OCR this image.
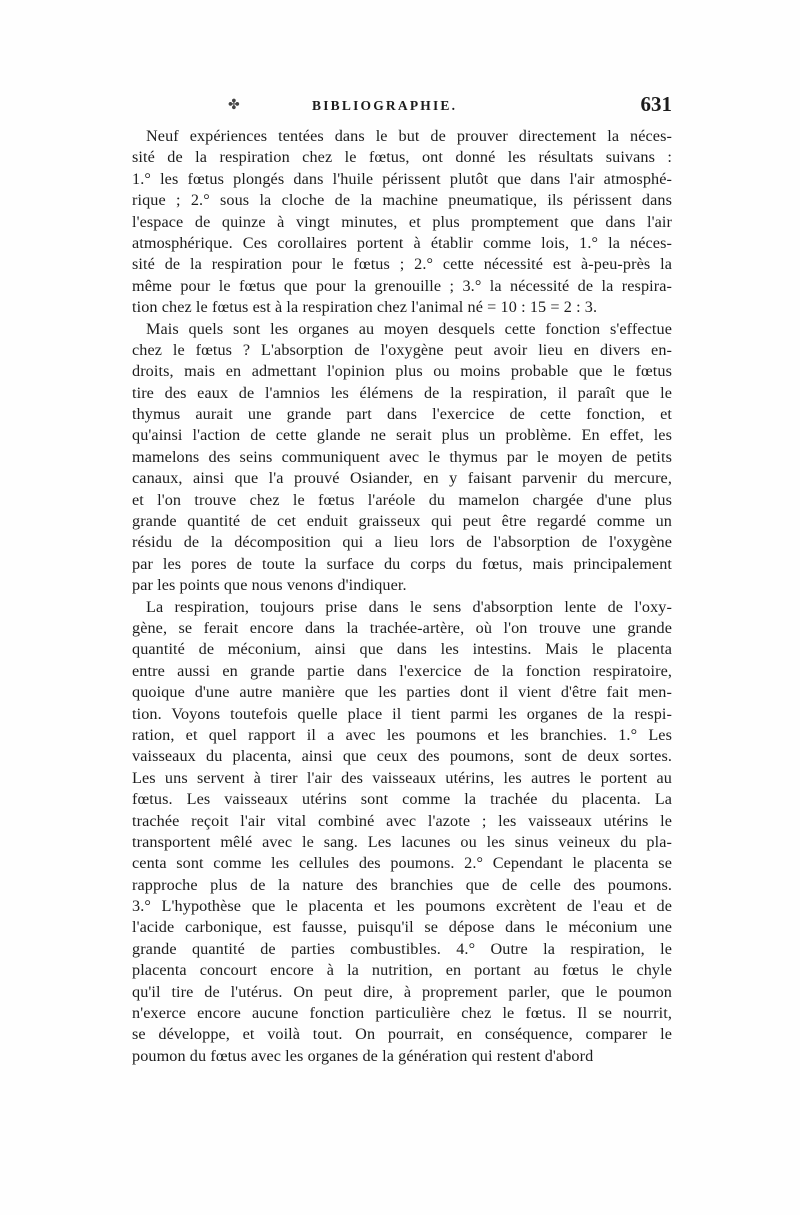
✤	BIBLIOGRAPHIE.	631
Neuf expériences tentées dans le but de prouver directement la néces-
sité de la respiration chez le fœtus, ont donné les résultats suivans :
1.° les fœtus plongés dans l'huile périssent plutôt que dans l'air atmosphé-
rique ; 2.° sous la cloche de la machine pneumatique, ils périssent dans
l'espace de quinze à vingt minutes, et plus promptement que dans l'air
atmosphérique. Ces corollaires portent à établir comme lois, 1.° la néces-
sité de la respiration pour le fœtus ; 2.° cette nécessité est à-peu-près la
même pour le fœtus que pour la grenouille ; 3.° la nécessité de la respira-
tion chez le fœtus est à la respiration chez l'animal né = 10 : 15 = 2 : 3.
Mais quels sont les organes au moyen desquels cette fonction s'effectue
chez le fœtus ? L'absorption de l'oxygène peut avoir lieu en divers en-
droits, mais en admettant l'opinion plus ou moins probable que le fœtus
tire des eaux de l'amnios les élémens de la respiration, il paraît que le
thymus aurait une grande part dans l'exercice de cette fonction, et
qu'ainsi l'action de cette glande ne serait plus un problème. En effet, les
mamelons des seins communiquent avec le thymus par le moyen de petits
canaux, ainsi que l'a prouvé Osiander, en y faisant parvenir du mercure,
et l'on trouve chez le fœtus l'aréole du mamelon chargée d'une plus
grande quantité de cet enduit graisseux qui peut être regardé comme un
résidu de la décomposition qui a lieu lors de l'absorption de l'oxygène
par les pores de toute la surface du corps du fœtus, mais principalement
par les points que nous venons d'indiquer.
La respiration, toujours prise dans le sens d'absorption lente de l'oxy-
gène, se ferait encore dans la trachée-artère, où l'on trouve une grande
quantité de méconium, ainsi que dans les intestins. Mais le placenta
entre aussi en grande partie dans l'exercice de la fonction respiratoire,
quoique d'une autre manière que les parties dont il vient d'être fait men-
tion. Voyons toutefois quelle place il tient parmi les organes de la respi-
ration, et quel rapport il a avec les poumons et les branchies. 1.° Les
vaisseaux du placenta, ainsi que ceux des poumons, sont de deux sortes.
Les uns servent à tirer l'air des vaisseaux utérins, les autres le portent au
fœtus. Les vaisseaux utérins sont comme la trachée du placenta. La
trachée reçoit l'air vital combiné avec l'azote ; les vaisseaux utérins le
transportent mêlé avec le sang. Les lacunes ou les sinus veineux du pla-
centa sont comme les cellules des poumons. 2.° Cependant le placenta se
rapproche plus de la nature des branchies que de celle des poumons.
3.° L'hypothèse que le placenta et les poumons excrètent de l'eau et de
l'acide carbonique, est fausse, puisqu'il se dépose dans le méconium une
grande quantité de parties combustibles. 4.° Outre la respiration, le
placenta concourt encore à la nutrition, en portant au fœtus le chyle
qu'il tire de l'utérus. On peut dire, à proprement parler, que le poumon
n'exerce encore aucune fonction particulière chez le fœtus. Il se nourrit,
se développe, et voilà tout. On pourrait, en conséquence, comparer le
poumon du fœtus avec les organes de la génération qui restent d'abord
